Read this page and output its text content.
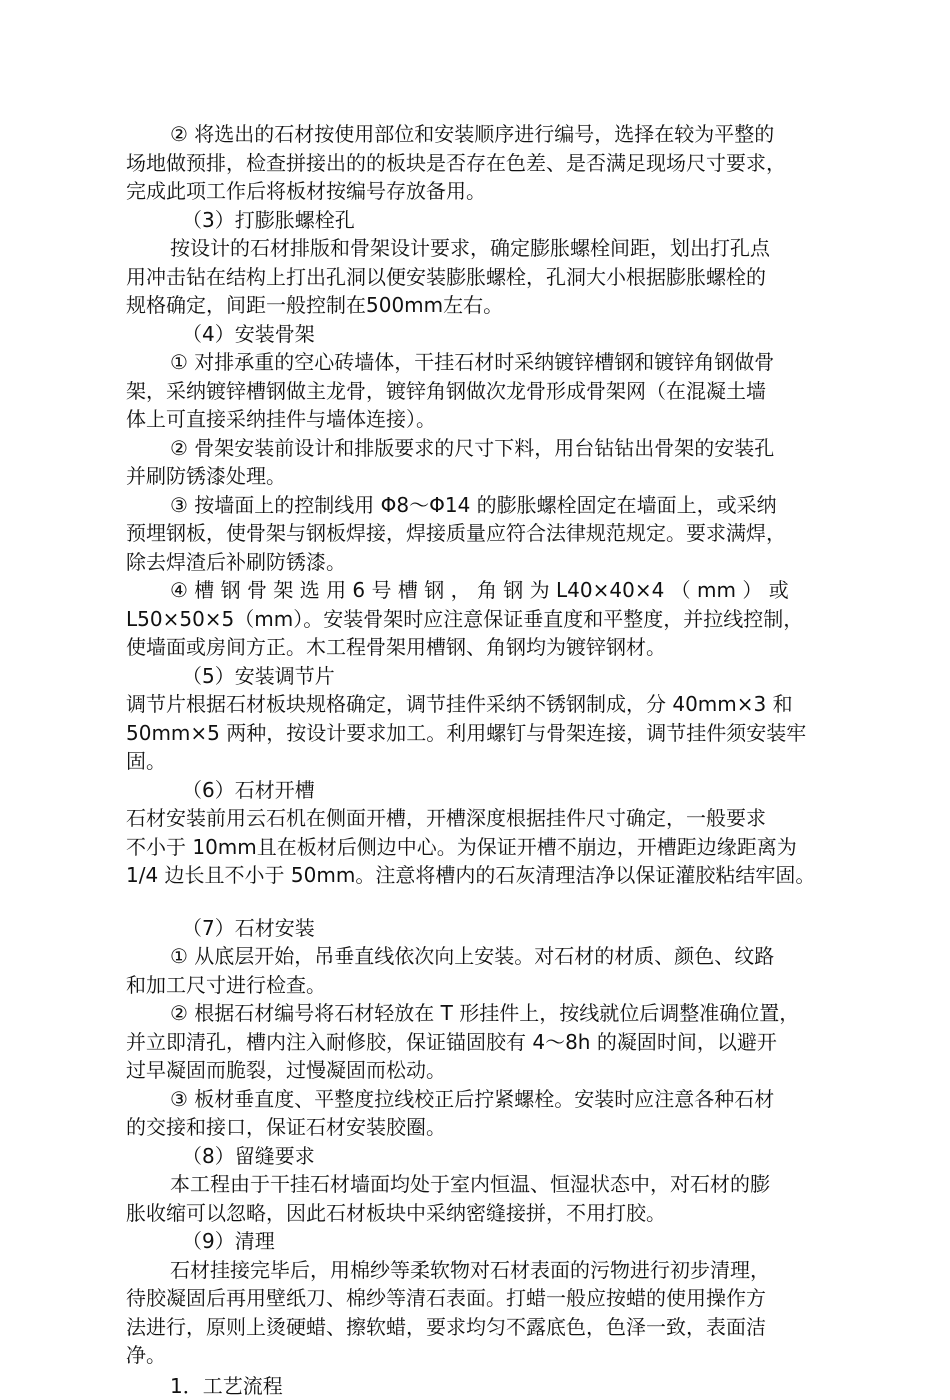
② 将选出的石材按使用部位和安装顺序进行编号，选择在较为平整的
场地做预排，检查拼接出的的板块是否存在色差、是否满足现场尺寸要求，
完成此项工作后将板材按编号存放备用。
（3）打膨胀螺栓孔
按设计的石材排版和骨架设计要求，确定膨胀螺栓间距，划出打孔点
用冲击钻在结构上打出孔洞以便安装膨胀螺栓，孔洞大小根据膨胀螺栓的
规格确定，间距一般控制在500mm左右。
（4）安装骨架
① 对排承重的空心砖墙体，干挂石材时采纳镀锌槽钢和镀锌角钢做骨
架，采纳镀锌槽钢做主龙骨，镀锌角钢做次龙骨形成骨架网（在混凝土墙
体上可直接采纳挂件与墙体连接）。
② 骨架安装前设计和排版要求的尺寸下料，用台钻钻出骨架的安装孔
并刷防锈漆处理。
③ 按墙面上的控制线用 Φ8～Φ14 的膨胀螺栓固定在墙面上，或采纳
预埋钢板，使骨架与钢板焊接，焊接质量应符合法律规范规定。要求满焊，
除去焊渣后补刷防锈漆。
④ 槽 钢 骨 架 选 用 6 号 槽 钢 ， 角 钢 为 L40×40×4 （ mm ） 或
L50×50×5（mm）。安装骨架时应注意保证垂直度和平整度，并拉线控制，
使墙面或房间方正。木工程骨架用槽钢、角钢均为镀锌钢材。
（5）安装调节片
调节片根据石材板块规格确定，调节挂件采纳不锈钢制成，分 40mm×3 和
50mm×5 两种，按设计要求加工。利用螺钉与骨架连接，调节挂件须安装牢
固。
（6）石材开槽
石材安装前用云石机在侧面开槽，开槽深度根据挂件尺寸确定，一般要求
不小于 10mm且在板材后侧边中心。为保证开槽不崩边，开槽距边缘距离为
1/4 边长且不小于 50mm。注意将槽内的石灰清理洁净以保证灌胶粘结牢固。
（7）石材安装
① 从底层开始，吊垂直线依次向上安装。对石材的材质、颜色、纹路
和加工尺寸进行检查。
② 根据石材编号将石材轻放在 T 形挂件上，按线就位后调整准确位置，
并立即清孔，槽内注入耐修胶，保证锚固胶有 4～8h 的凝固时间，以避开
过早凝固而脆裂，过慢凝固而松动。
③ 板材垂直度、平整度拉线校正后拧紧螺栓。安装时应注意各种石材
的交接和接口，保证石材安装胶圈。
（8）留缝要求
本工程由于干挂石材墙面均处于室内恒温、恒湿状态中，对石材的膨
胀收缩可以忽略，因此石材板块中采纳密缝接拼，不用打胶。
（9）清理
石材挂接完毕后，用棉纱等柔软物对石材表面的污物进行初步清理，
待胶凝固后再用壁纸刀、棉纱等清石表面。打蜡一般应按蜡的使用操作方
法进行，原则上烫硬蜡、擦软蜡，要求均匀不露底色，色泽一致，表面洁
净。
1．工艺流程
